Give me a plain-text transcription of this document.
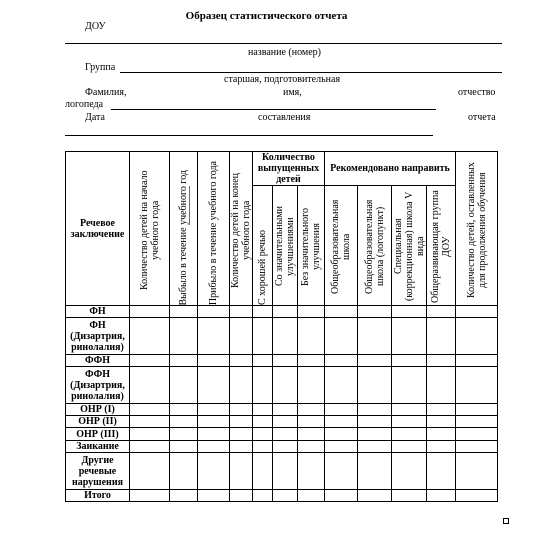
Образец статистического отчета
ДОУ
название (номер)
Группа
старшая, подготовительная
Фамилия,	имя,	отчество
логопеда
Дата	составления	отчета
Речевое заключение	Количество детей на начало учебного года	Выбыло в течение учебного год	Прибыло в течение учебного года	Количество детей на конец учебного года	Количество выпущенных детей			Рекомендовано направить				Количество детей, оставленных для продолжения обучения

					С хорошей речью	Со значительными улучшениями	Без значительного улучшения	Общеобразовательная школа	Общеобразовательная школа (логопункт)	Специальная (коррекционная) школа V вида	Общеразвивающая группа ДОУ	

ФН												
ФН (Дизартрия, ринолалия)												
ФФН												
ФФН (Дизартрия, ринолалия)												
ОНР (I)												
ОНР (II)												
ОНР (III)												
Заикание												
Другие речевые нарушения												
Итого												
